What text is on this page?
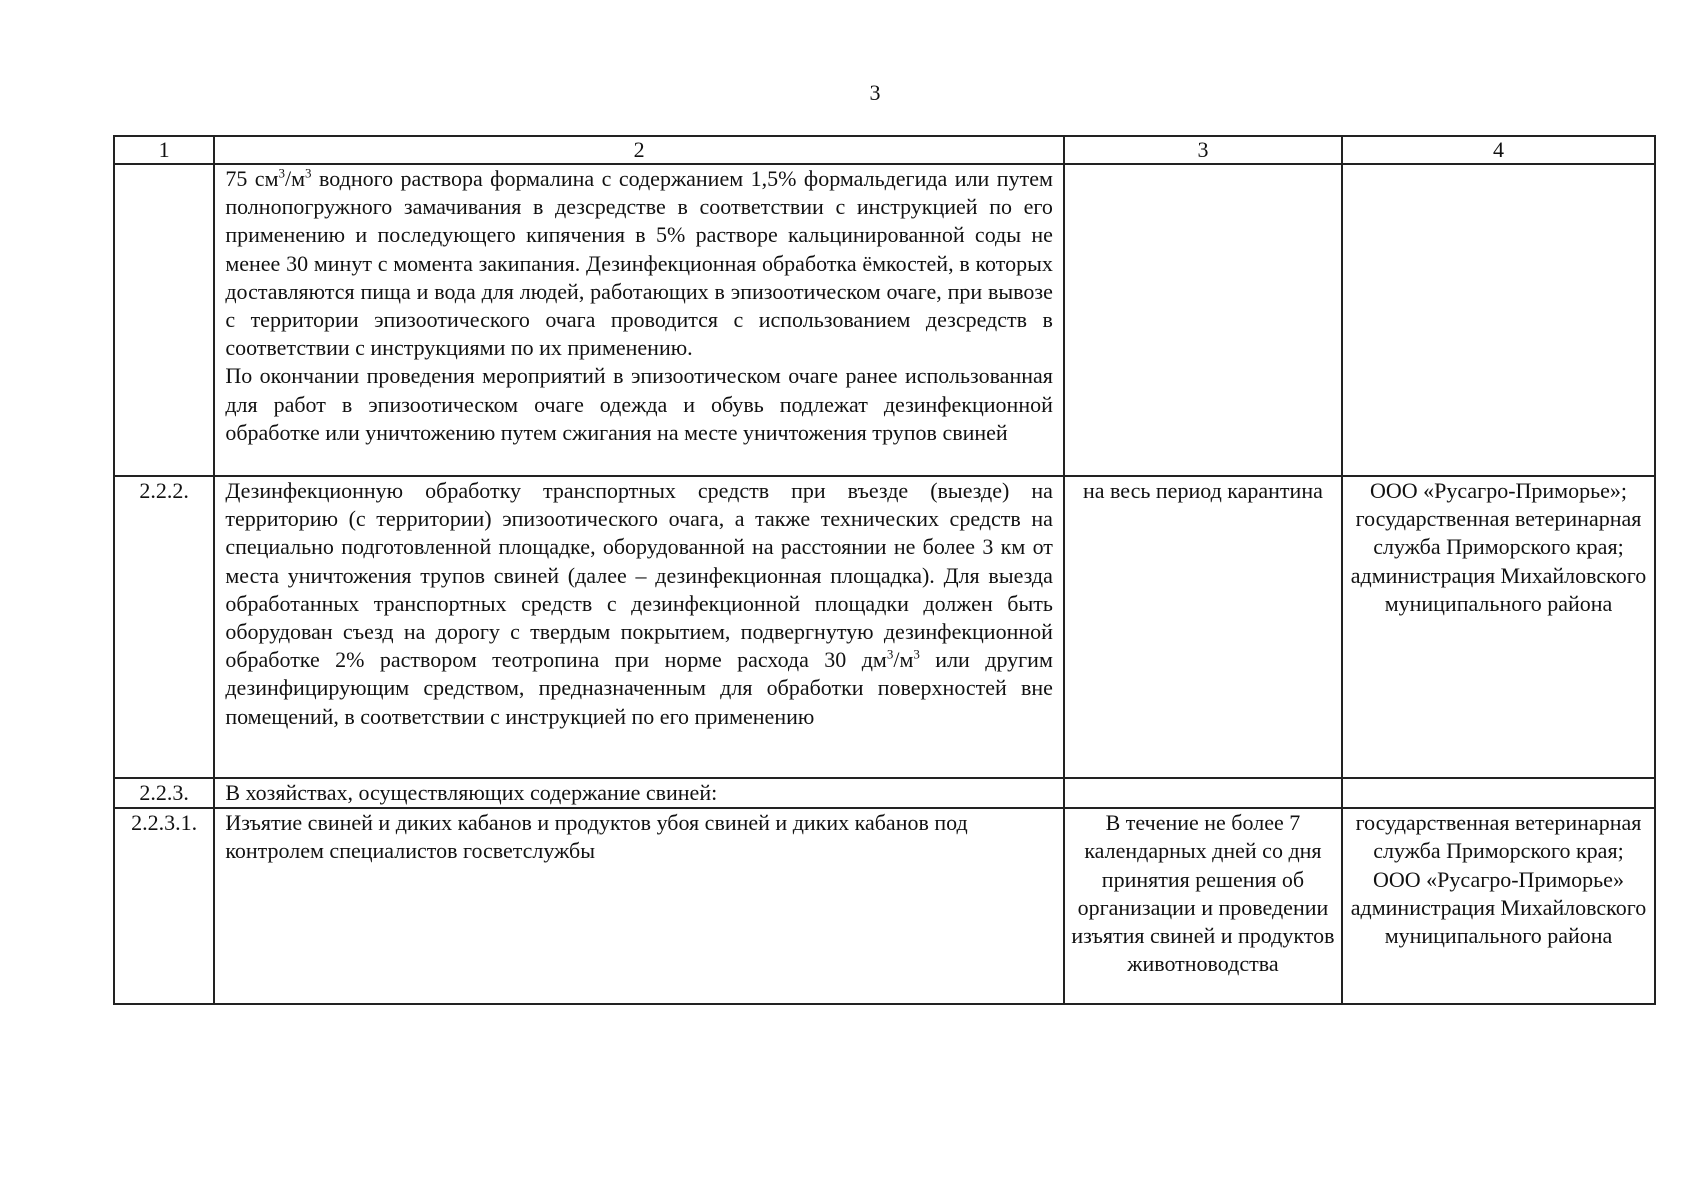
3
1	2	3	4

	75 $см^3/м^3$ водного раствора формалина с содержанием 1,5% формальдегида или путем полнопогружного замачивания в дезсредстве в соответствии с инструкцией по его применению и последующего кипячения в 5% растворе кальцинированной соды не менее 30 минут с момента закипания. Дезинфекционная обработка ёмкостей, в которых доставляются пища и вода для людей, работающих в эпизоотическом очаге, при вывозе с территории эпизоотического очага проводится с использованием дезсредств в соответствии с инструкциями по их применению.
По окончании проведения мероприятий в эпизоотическом очаге ранее использованная для работ в эпизоотическом очаге одежда и обувь подлежат дезинфекционной обработке или уничтожению путем сжигания на месте уничтожения трупов свиней		

2.2.2.	Дезинфекционную обработку транспортных средств при въезде (выезде) на территорию (с территории) эпизоотического очага, а также технических средств на специально подготовленной площадке, оборудованной на расстоянии не более 3 км от места уничтожения трупов свиней (далее – дезинфекционная площадка). Для выезда обработанных транспортных средств с дезинфекционной площадки должен быть оборудован съезд на дорогу с твердым покрытием, подвергнутую дезинфекционной обработке 2% раствором теотропина при норме расхода 30 $дм^3/м^3$ или другим дезинфицирующим средством, предназначенным для обработки поверхностей вне помещений, в соответствии с инструкцией по его применению	на весь период карантина	ООО «Русагро-Приморье»; государственная ветеринарная служба Приморского края; администрация Михайловского муниципального района
2.2.3.	В хозяйствах, осуществляющих содержание свиней:		
2.2.3.1.	Изъятие свиней и диких кабанов и продуктов убоя свиней и диких кабанов под контролем специалистов госветслужбы	В течение не более 7 календарных дней со дня принятия решения об организации и проведении изъятия свиней и продуктов животноводства	государственная ветеринарная служба Приморского края; ООО «Русагро-Приморье» администрация Михайловского муниципального района
